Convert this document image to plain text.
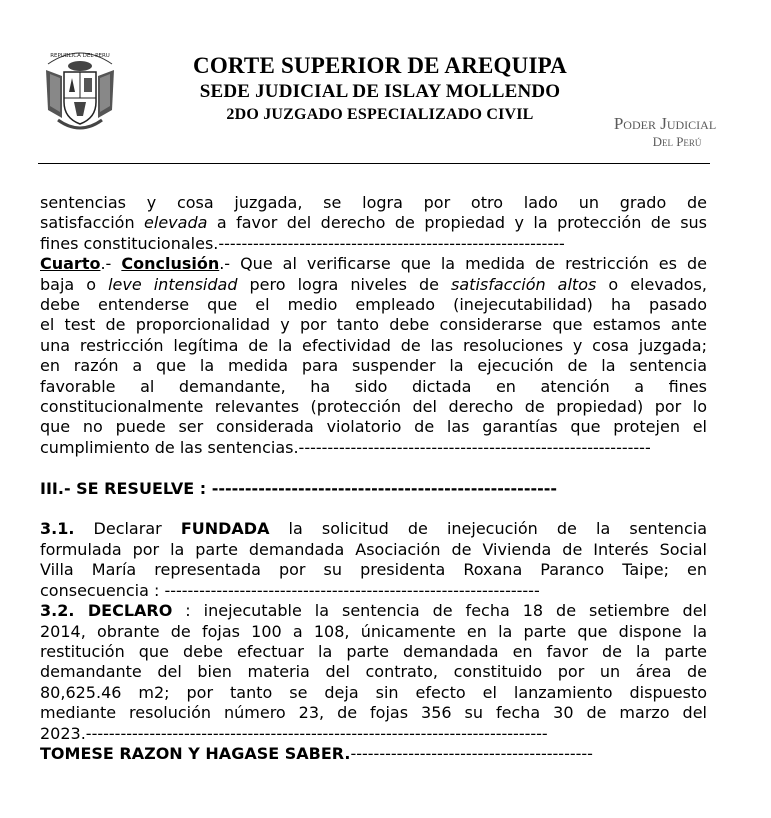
REPUBLICA DEL PERU	CORTE SUPERIOR DE AREQUIPA
SEDE JUDICIAL DE ISLAY MOLLENDO
2DO JUZGADO ESPECIALIZADO CIVIL	Poder Judicial
Del Perú

sentencias y cosa juzgada, se logra por otro lado un grado de

satisfacción elevada a favor del derecho de propiedad y la protección de sus

fines constitucionales.------------------------------------------------------------

Cuarto.- Conclusión.- Que al verificarse que la medida de restricción es de

baja o leve intensidad pero logra niveles de satisfacción altos o elevados,

debe entenderse que el medio empleado (inejecutabilidad) ha pasado

el test de proporcionalidad y por tanto debe considerarse que estamos ante

una restricción legítima de la efectividad de las resoluciones y cosa juzgada;

en razón a que la medida para suspender la ejecución de la sentencia

favorable al demandante, ha sido dictada en atención a fines

constitucionalmente relevantes (protección del derecho de propiedad) por lo

que no puede ser considerada violatorio de las garantías que protejen el

cumplimiento de las sentencias.-------------------------------------------------------------

III.- SE RESUELVE : ----------------------------------------------------

3.1. Declarar FUNDADA la solicitud de inejecución de la sentencia

formulada por la parte demandada Asociación de Vivienda de Interés Social

Villa María representada por su presidenta Roxana Paranco Taipe; en

consecuencia : -----------------------------------------------------------------

3.2. DECLARO : inejecutable la sentencia de fecha 18 de setiembre del

2014, obrante de fojas 100 a 108, únicamente en la parte que dispone la

restitución que debe efectuar la parte demandada en favor de la parte

demandante del bien materia del contrato, constituido por un área de

80,625.46 m2; por tanto se deja sin efecto el lanzamiento dispuesto

mediante resolución número 23, de fojas 356 su fecha 30 de marzo del

2023.--------------------------------------------------------------------------------

TOMESE RAZON Y HAGASE SABER.------------------------------------------
